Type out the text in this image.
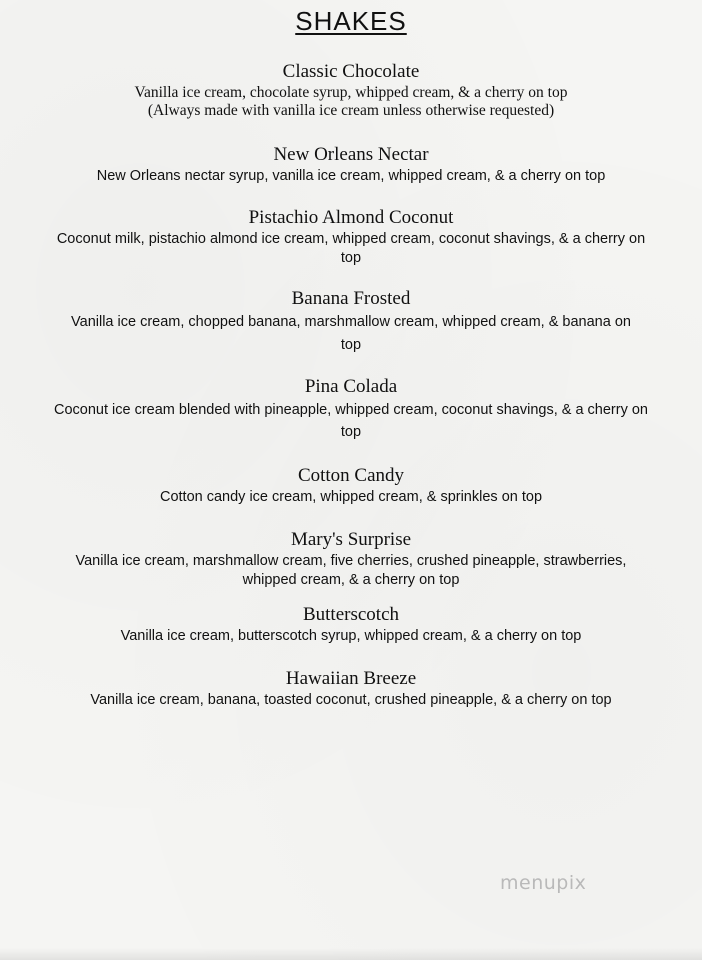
SHAKES

Classic Chocolate

Vanilla ice cream, chocolate syrup, whipped cream, & a cherry on top

(Always made with vanilla ice cream unless otherwise requested)

New Orleans Nectar

New Orleans nectar syrup, vanilla ice cream, whipped cream, & a cherry on top

Pistachio Almond Coconut

Coconut milk, pistachio almond ice cream, whipped cream, coconut shavings, & a cherry on top

Banana Frosted

Vanilla ice cream, chopped banana, marshmallow cream, whipped cream, & banana on top

Pina Colada

Coconut ice cream blended with pineapple, whipped cream, coconut shavings, & a cherry on top

Cotton Candy

Cotton candy ice cream, whipped cream, & sprinkles on top

Mary's Surprise

Vanilla ice cream, marshmallow cream, five cherries, crushed pineapple, strawberries, whipped cream, & a cherry on top

Butterscotch

Vanilla ice cream, butterscotch syrup, whipped cream, & a cherry on top

Hawaiian Breeze

Vanilla ice cream, banana, toasted coconut, crushed pineapple, & a cherry on top

menupix
